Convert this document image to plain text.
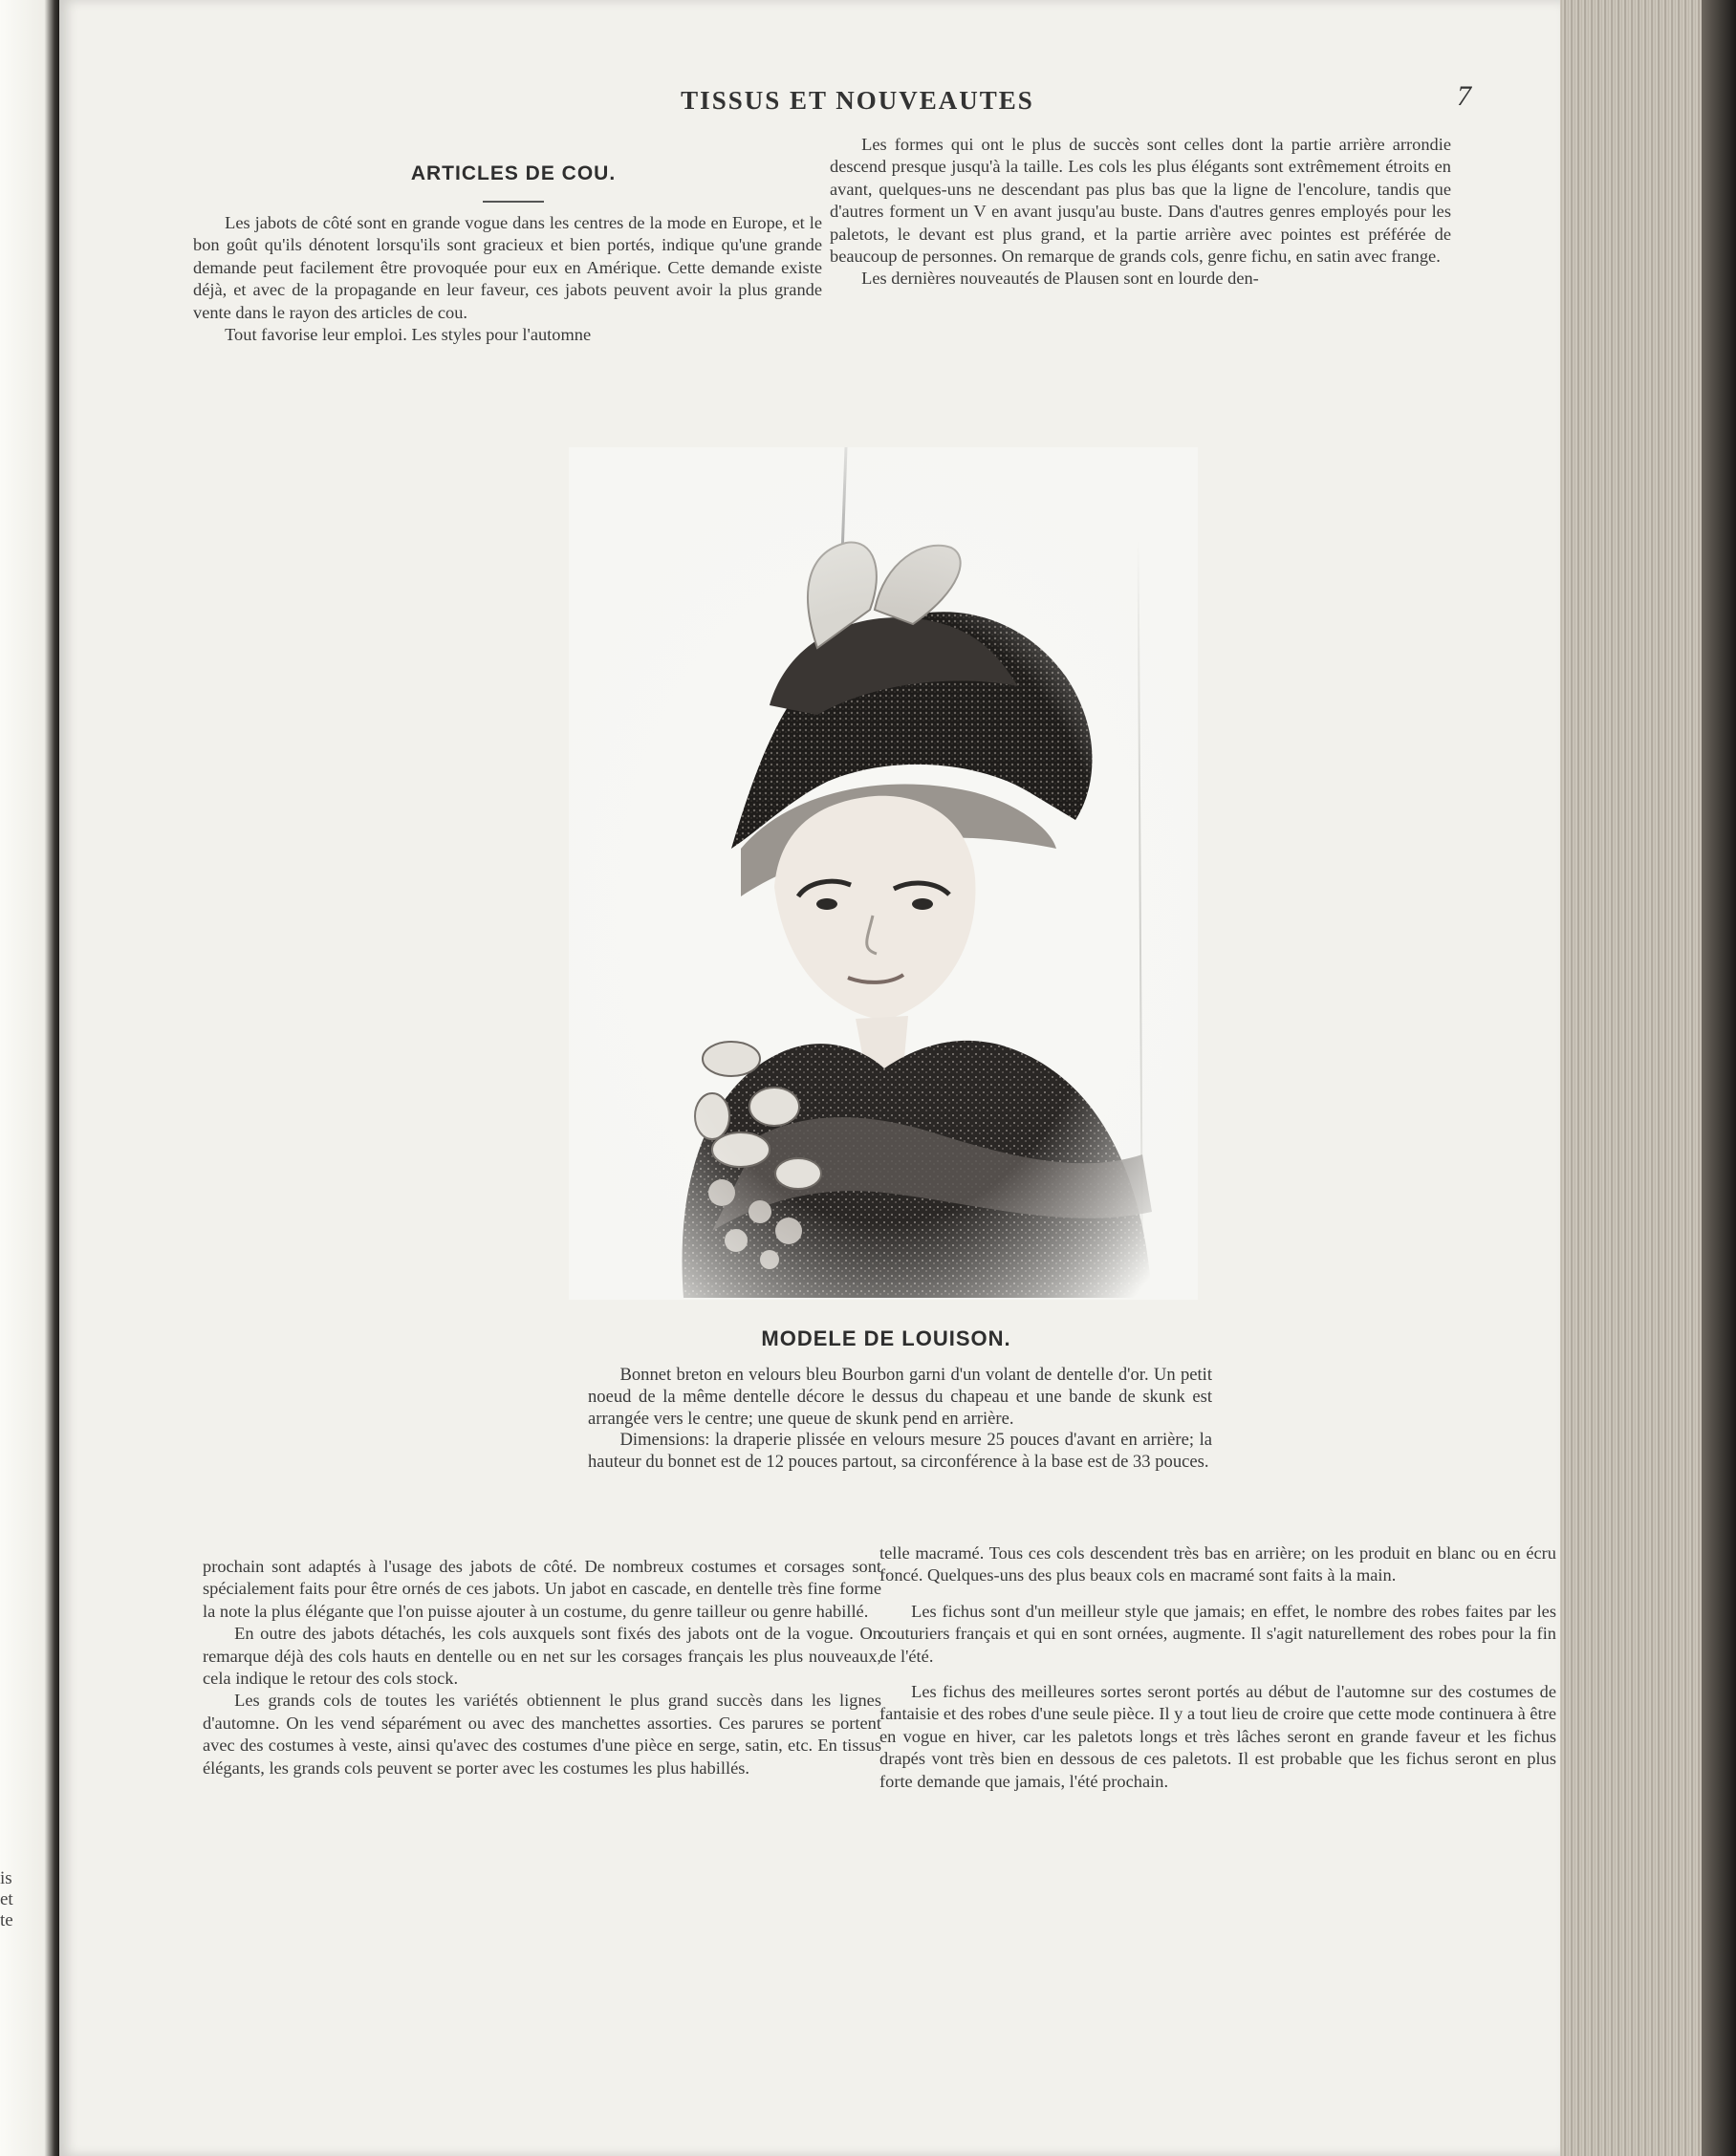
is
et
te
TISSUS ET NOUVEAUTES	7
ARTICLES DE COU.

Les jabots de côté sont en grande vogue dans les centres de la mode en Europe, et le bon goût qu'ils dénotent lorsqu'ils sont gracieux et bien portés, indique qu'une grande demande peut facilement être provoquée pour eux en Amérique. Cette demande existe déjà, et avec de la propagande en leur faveur, ces jabots peuvent avoir la plus grande vente dans le rayon des articles de cou.

Tout favorise leur emploi. Les styles pour l'automne

Les formes qui ont le plus de succès sont celles dont la partie arrière arrondie descend presque jusqu'à la taille. Les cols les plus élégants sont extrêmement étroits en avant, quelques-uns ne descendant pas plus bas que la ligne de l'encolure, tandis que d'autres forment un V en avant jusqu'au buste. Dans d'autres genres employés pour les paletots, le devant est plus grand, et la partie arrière avec pointes est préférée de beaucoup de personnes. On remarque de grands cols, genre fichu, en satin avec frange.

Les dernières nouveautés de Plausen sont en lourde den-

MODELE DE LOUISON.

Bonnet breton en velours bleu Bourbon garni d'un volant de dentelle d'or. Un petit noeud de la même dentelle décore le dessus du chapeau et une bande de skunk est arrangée vers le centre; une queue de skunk pend en arrière.

Dimensions: la draperie plissée en velours mesure 25 pouces d'avant en arrière; la hauteur du bonnet est de 12 pouces partout, sa circonférence à la base est de 33 pouces.

prochain sont adaptés à l'usage des jabots de côté. De nombreux costumes et corsages sont spécialement faits pour être ornés de ces jabots. Un jabot en cascade, en dentelle très fine forme la note la plus élégante que l'on puisse ajouter à un costume, du genre tailleur ou genre habillé.

En outre des jabots détachés, les cols auxquels sont fixés des jabots ont de la vogue. On remarque déjà des cols hauts en dentelle ou en net sur les corsages français les plus nouveaux, cela indique le retour des cols stock.

Les grands cols de toutes les variétés obtiennent le plus grand succès dans les lignes d'automne. On les vend séparément ou avec des manchettes assorties. Ces parures se portent avec des costumes à veste, ainsi qu'avec des costumes d'une pièce en serge, satin, etc. En tissus élégants, les grands cols peuvent se porter avec les costumes les plus habillés.

telle macramé. Tous ces cols descendent très bas en arrière; on les produit en blanc ou en écru foncé. Quelques-uns des plus beaux cols en macramé sont faits à la main.

Les fichus sont d'un meilleur style que jamais; en effet, le nombre des robes faites par les couturiers français et qui en sont ornées, augmente. Il s'agit naturellement des robes pour la fin de l'été.

Les fichus des meilleures sortes seront portés au début de l'automne sur des costumes de fantaisie et des robes d'une seule pièce. Il y a tout lieu de croire que cette mode continuera à être en vogue en hiver, car les paletots longs et très lâches seront en grande faveur et les fichus drapés vont très bien en dessous de ces paletots. Il est probable que les fichus seront en plus forte demande que jamais, l'été prochain.
